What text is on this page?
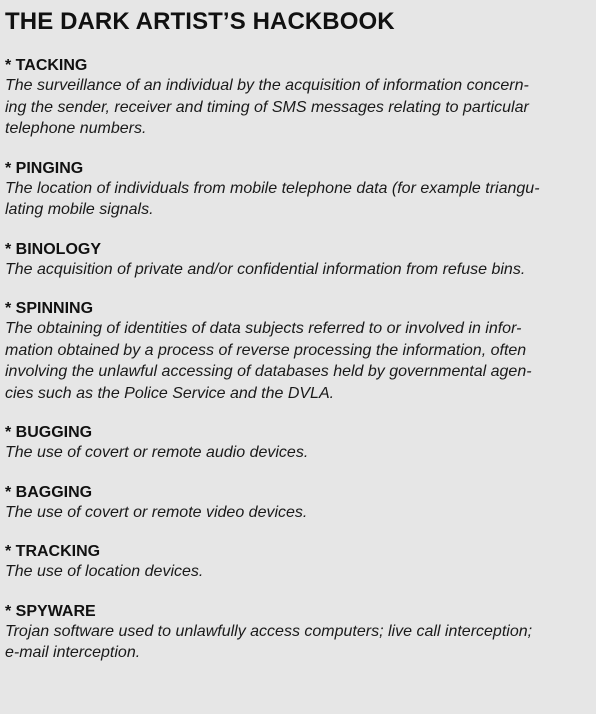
THE DARK ARTIST’S HACKBOOK
* TACKING
The surveillance of an individual by the acquisition of information concern-
ing the sender, receiver and timing of SMS messages relating to particular
telephone numbers.
* PINGING
The location of individuals from mobile telephone data (for example triangu-
lating mobile signals.
* BINOLOGY
The acquisition of private and/or confidential information from refuse bins.
* SPINNING
The obtaining of identities of data subjects referred to or involved in infor-
mation obtained by a process of reverse processing the information, often
involving the unlawful accessing of databases held by governmental agen-
cies such as the Police Service and the DVLA.
* BUGGING
The use of covert or remote audio devices.
* BAGGING
The use of covert or remote video devices.
* TRACKING
The use of location devices.
* SPYWARE
Trojan software used to unlawfully access computers; live call interception;
e-mail interception.
